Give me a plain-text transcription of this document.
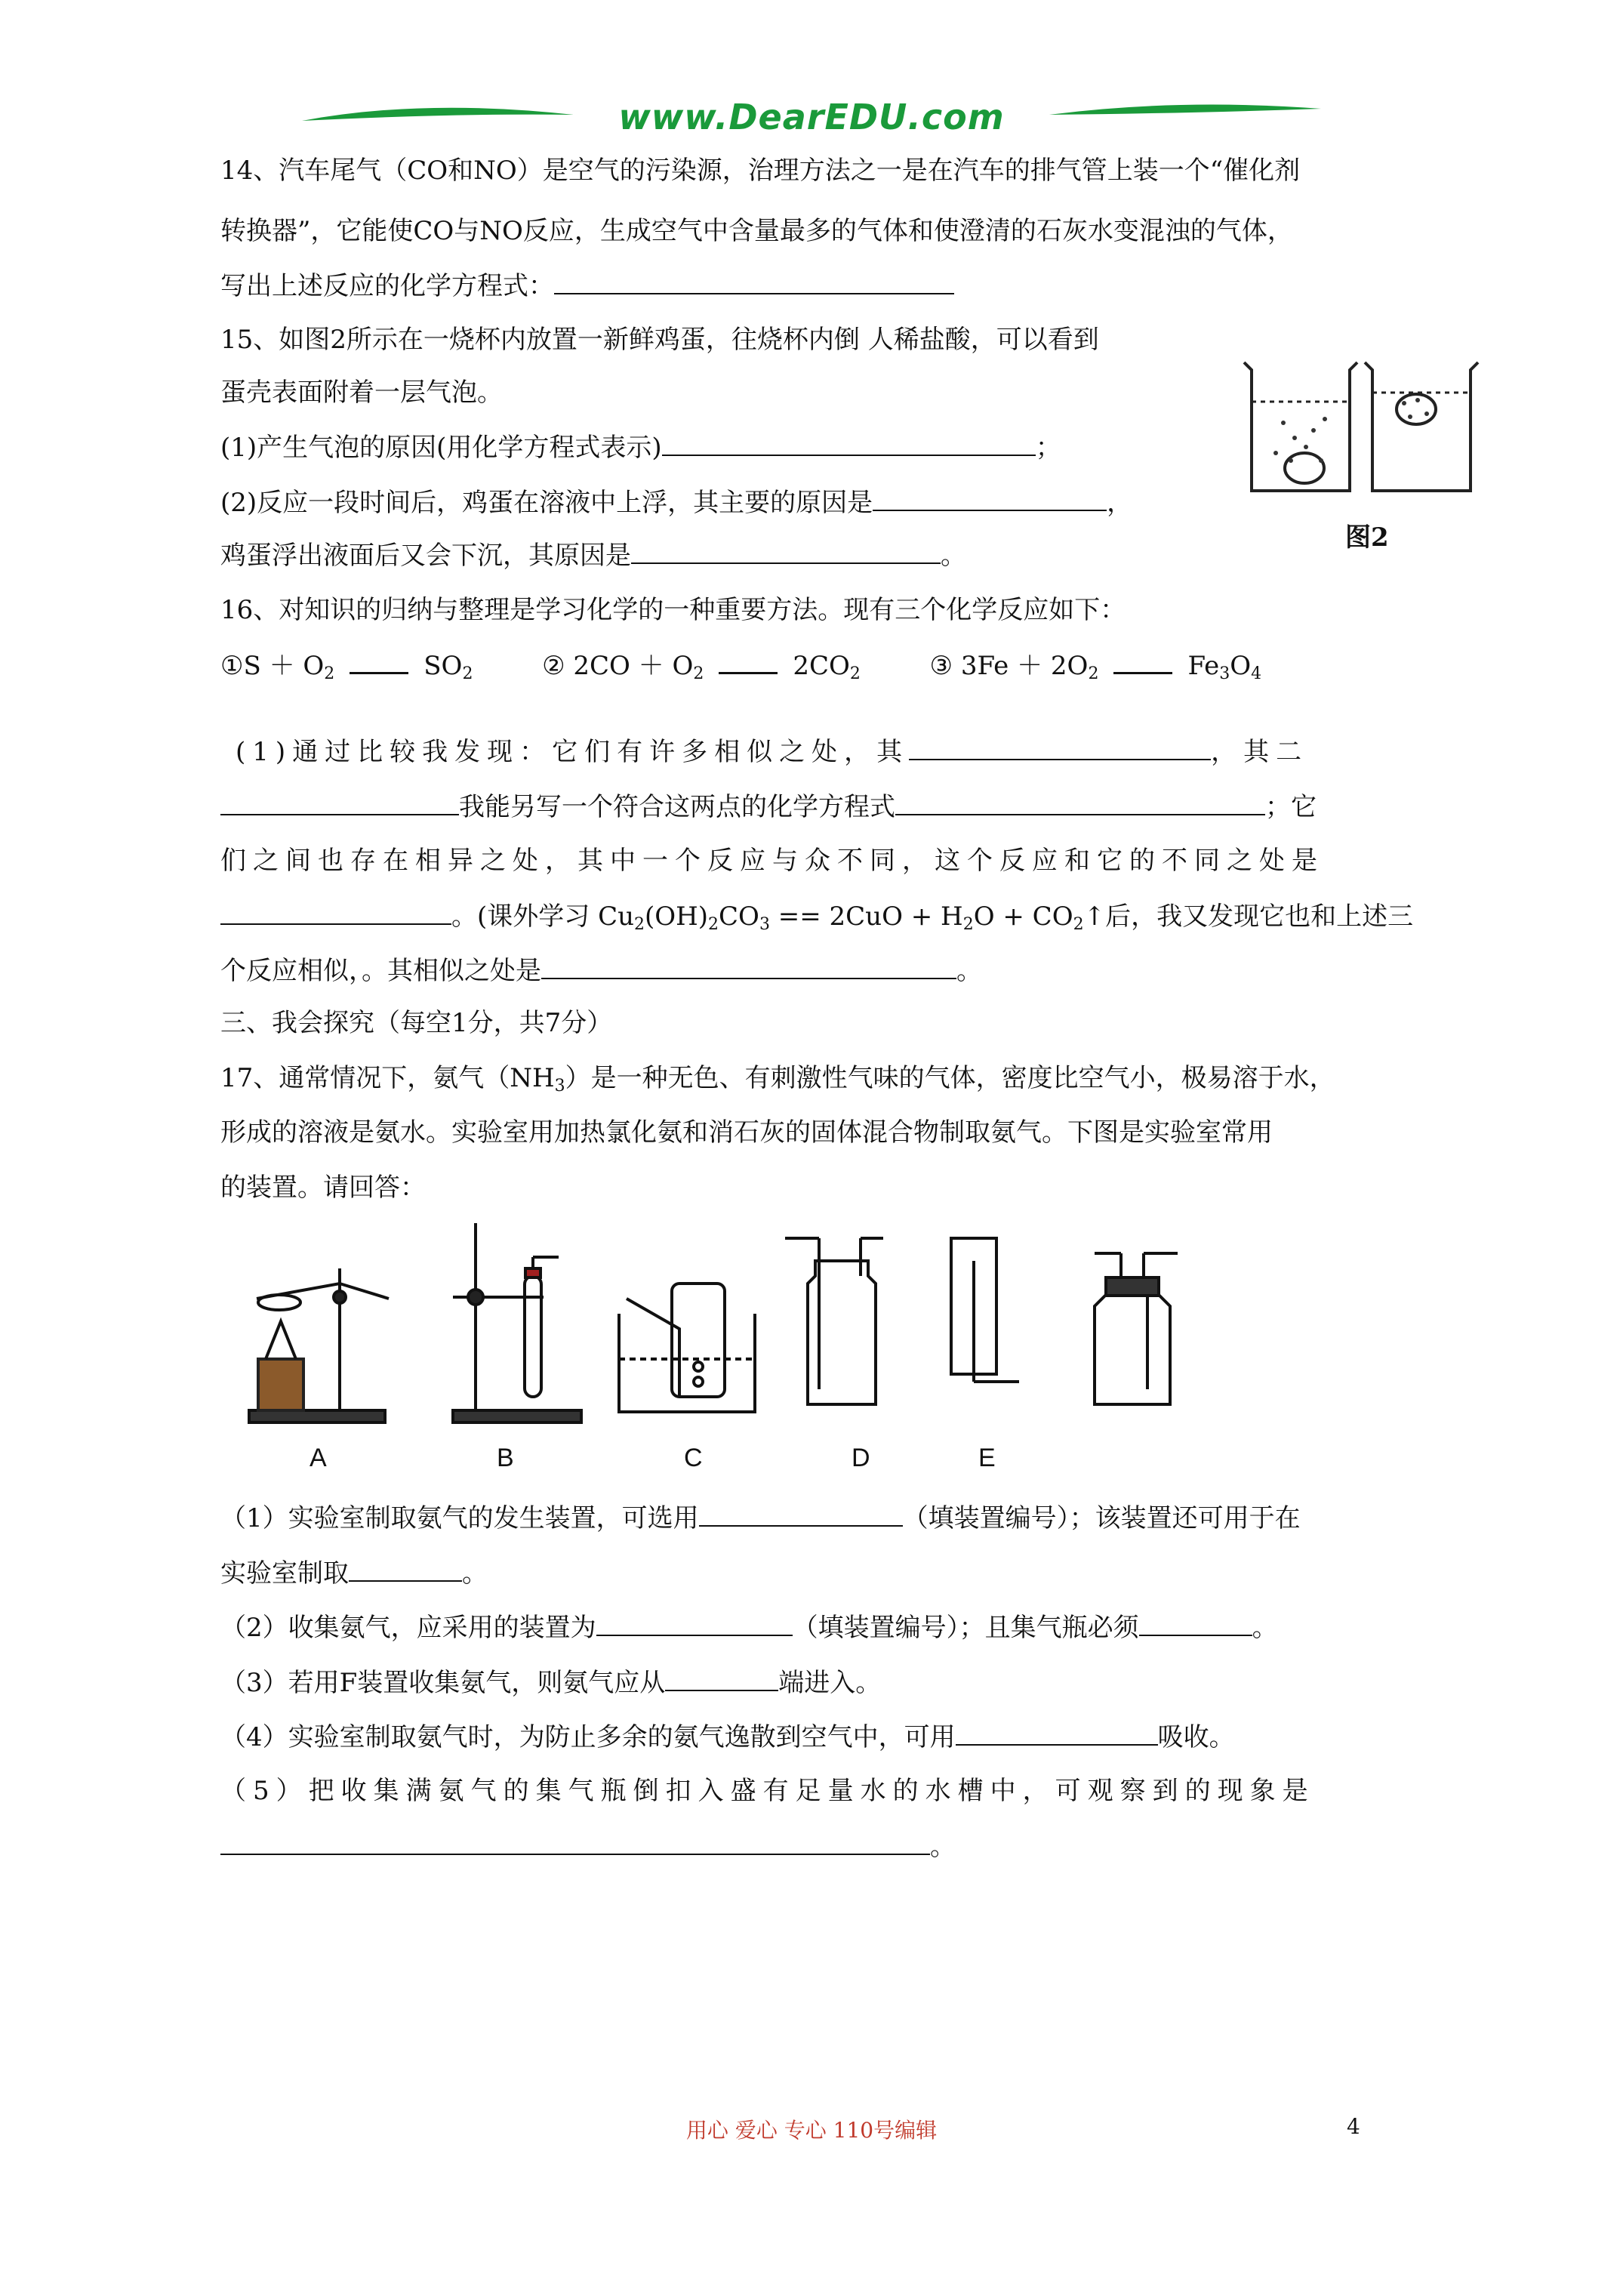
www.DearEDU.com
14、汽车尾气（CO和NO）是空气的污染源，治理方法之一是在汽车的排气管上装一个“催化剂
转换器”，它能使CO与NO反应，生成空气中含量最多的气体和使澄清的石灰水变混浊的气体，
写出上述反应的化学方程式：
15、如图2所示在一烧杯内放置一新鲜鸡蛋，往烧杯内倒 人稀盐酸，可以看到
蛋壳表面附着一层气泡。
(1)产生气泡的原因(用化学方程式表示)	；
(2)反应一段时间后，鸡蛋在溶液中上浮，其主要的原因是	，
鸡蛋浮出液面后又会下沉，其原因是	。
图2
16、对知识的归纳与整理是学习化学的一种重要方法。现有三个化学反应如下：
①S ＋ $O_2$	$SO_2$	② $2CO + O_2$	$2CO_2$	③ $3Fe + 2O_2$	$Fe_3O_4$
(1)通过比较我发现：它们有许多相似之处，其	，其二
我能另写一个符合这两点的化学方程式	；它
们之间也存在相异之处，其中一个反应与众不同，这个反应和它的不同之处是
。(课外学习 $Cu_2(OH)_2CO_3 == 2CuO + H_2O$ + $CO_2↑$后，我又发现它也和上述三
个反应相似，。其相似之处是	。
三、我会探究（每空1分，共7分）
17、通常情况下，氨气$(NH_3)$是一种无色、有刺激性气味的气体，密度比空气小，极易溶于水，
形成的溶液是氨水。实验室用加热氯化氨和消石灰的固体混合物制取氨气。下图是实验室常用
的装置。请回答：
A	B	C	D	E
（1）实验室制取氨气的发生装置，可选用	（填装置编号）；该装置还可用于在
实验室制取	。
（2）收集氨气，应采用的装置为	（填装置编号）；且集气瓶必须	。
（3）若用F装置收集氨气，则氨气应从	端进入。
（4）实验室制取氨气时，为防止多余的氨气逸散到空气中，可用	吸收。
（5）把收集满氨气的集气瓶倒扣入盛有足量水的水槽中，可观察到的现象是
。
用心 爱心 专心 110号编辑	4
